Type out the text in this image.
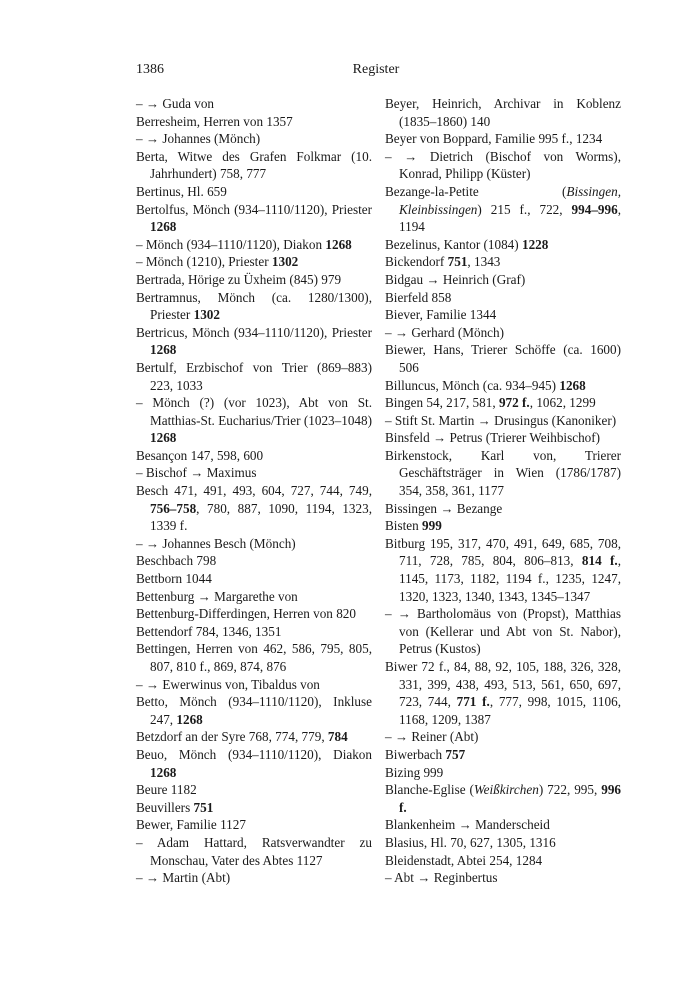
1386	Register

– → Guda von

Berresheim, Herren von 1357

– → Johannes (Mönch)

Berta, Witwe des Grafen Folkmar (10. Jahrhundert) 758, 777

Bertinus, Hl. 659

Bertolfus, Mönch (934–1110/1120), Priester 1268

– Mönch (934–1110/1120), Diakon 1268

– Mönch (1210), Priester 1302

Bertrada, Hörige zu Üxheim (845) 979

Bertramnus, Mönch (ca. 1280/1300), Priester 1302

Bertricus, Mönch (934–1110/1120), Priester 1268

Bertulf, Erzbischof von Trier (869–883) 223, 1033

– Mönch (?) (vor 1023), Abt von St. Matthias-St. Eucharius/Trier (1023–1048) 1268

Besançon 147, 598, 600

– Bischof → Maximus

Besch 471, 491, 493, 604, 727, 744, 749, 756–758, 780, 887, 1090, 1194, 1323, 1339 f.

– → Johannes Besch (Mönch)

Beschbach 798

Bettborn 1044

Bettenburg → Margarethe von

Bettenburg-Differdingen, Herren von 820

Bettendorf 784, 1346, 1351

Bettingen, Herren von 462, 586, 795, 805, 807, 810 f., 869, 874, 876

– → Ewerwinus von, Tibaldus von

Betto, Mönch (934–1110/1120), Inkluse 247, 1268

Betzdorf an der Syre 768, 774, 779, 784

Beuo, Mönch (934–1110/1120), Diakon 1268

Beure 1182

Beuvillers 751

Bewer, Familie 1127

– Adam Hattard, Ratsverwandter zu Monschau, Vater des Abtes 1127

– → Martin (Abt)

Beyer, Heinrich, Archivar in Koblenz (1835–1860) 140

Beyer von Boppard, Familie 995 f., 1234

– → Dietrich (Bischof von Worms), Konrad, Philipp (Küster)

Bezange-la-Petite (Bissingen, Kleinbissingen) 215 f., 722, 994–996, 1194

Bezelinus, Kantor (1084) 1228

Bickendorf 751, 1343

Bidgau → Heinrich (Graf)

Bierfeld 858

Biever, Familie 1344

– → Gerhard (Mönch)

Biewer, Hans, Trierer Schöffe (ca. 1600) 506

Billuncus, Mönch (ca. 934–945) 1268

Bingen 54, 217, 581, 972 f., 1062, 1299

– Stift St. Martin → Drusingus (Kanoniker)

Binsfeld → Petrus (Trierer Weihbischof)

Birkenstock, Karl von, Trierer Geschäftsträger in Wien (1786/1787) 354, 358, 361, 1177

Bissingen → Bezange

Bisten 999

Bitburg 195, 317, 470, 491, 649, 685, 708, 711, 728, 785, 804, 806–813, 814 f., 1145, 1173, 1182, 1194 f., 1235, 1247, 1320, 1323, 1340, 1343, 1345–1347

– → Bartholomäus von (Propst), Matthias von (Kellerar und Abt von St. Nabor), Petrus (Kustos)

Biwer 72 f., 84, 88, 92, 105, 188, 326, 328, 331, 399, 438, 493, 513, 561, 650, 697, 723, 744, 771 f., 777, 998, 1015, 1106, 1168, 1209, 1387

– → Reiner (Abt)

Biwerbach 757

Bizing 999

Blanche-Eglise (Weißkirchen) 722, 995, 996 f.

Blankenheim → Manderscheid

Blasius, Hl. 70, 627, 1305, 1316

Bleidenstadt, Abtei 254, 1284

– Abt → Reginbertus
